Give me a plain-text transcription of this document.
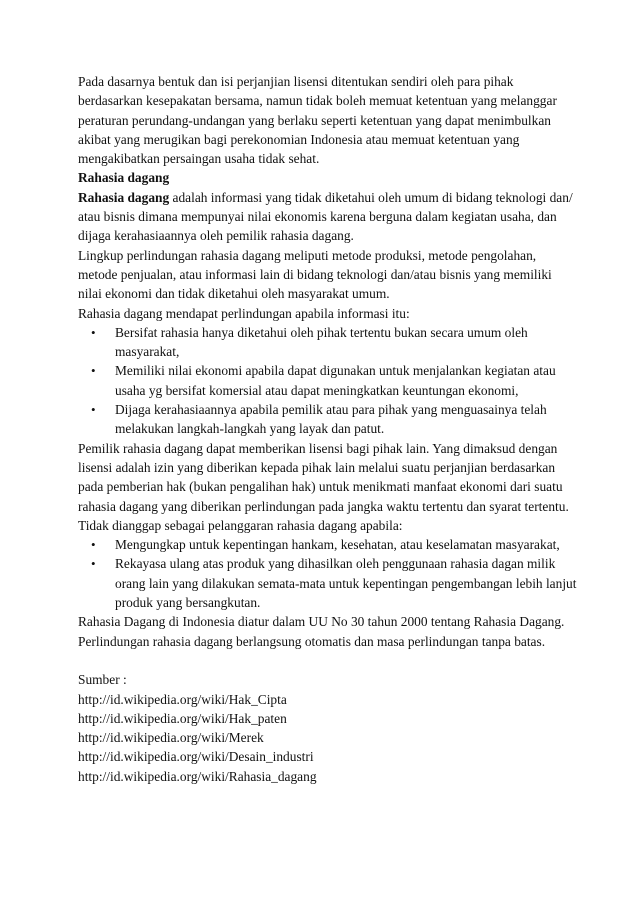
Pada dasarnya bentuk dan isi perjanjian lisensi ditentukan sendiri oleh para pihak berdasarkan kesepakatan bersama, namun tidak boleh memuat ketentuan yang melanggar peraturan perundang-undangan yang berlaku seperti ketentuan yang dapat menimbulkan akibat yang merugikan bagi perekonomian Indonesia atau memuat ketentuan yang mengakibatkan persaingan usaha tidak sehat.

Rahasia dagang

Rahasia dagang adalah informasi yang tidak diketahui oleh umum di bidang teknologi dan/ atau bisnis dimana mempunyai nilai ekonomis karena berguna dalam kegiatan usaha, dan dijaga kerahasiaannya oleh pemilik rahasia dagang.

Lingkup perlindungan rahasia dagang meliputi metode produksi, metode pengolahan, metode penjualan, atau informasi lain di bidang teknologi dan/atau bisnis yang memiliki nilai ekonomi dan tidak diketahui oleh masyarakat umum.

Rahasia dagang mendapat perlindungan apabila informasi itu:

• Bersifat rahasia hanya diketahui oleh pihak tertentu bukan secara umum oleh masyarakat,
• Memiliki nilai ekonomi apabila dapat digunakan untuk menjalankan kegiatan atau usaha yg bersifat komersial atau dapat meningkatkan keuntungan ekonomi,
• Dijaga kerahasiaannya apabila pemilik atau para pihak yang menguasainya telah melakukan langkah-langkah yang layak dan patut.

Pemilik rahasia dagang dapat memberikan lisensi bagi pihak lain. Yang dimaksud dengan lisensi adalah izin yang diberikan kepada pihak lain melalui suatu perjanjian berdasarkan pada pemberian hak (bukan pengalihan hak) untuk menikmati manfaat ekonomi dari suatu rahasia dagang yang diberikan perlindungan pada jangka waktu tertentu dan syarat tertentu.

Tidak dianggap sebagai pelanggaran rahasia dagang apabila:

• Mengungkap untuk kepentingan hankam, kesehatan, atau keselamatan masyarakat,
• Rekayasa ulang atas produk yang dihasilkan oleh penggunaan rahasia dagan milik orang lain yang dilakukan semata-mata untuk kepentingan pengembangan lebih lanjut produk yang bersangkutan.

Rahasia Dagang di Indonesia diatur dalam UU No 30 tahun 2000 tentang Rahasia Dagang.

Perlindungan rahasia dagang berlangsung otomatis dan masa perlindungan tanpa batas.

Sumber :

http://id.wikipedia.org/wiki/Hak_Cipta

http://id.wikipedia.org/wiki/Hak_paten

http://id.wikipedia.org/wiki/Merek

http://id.wikipedia.org/wiki/Desain_industri

http://id.wikipedia.org/wiki/Rahasia_dagang
